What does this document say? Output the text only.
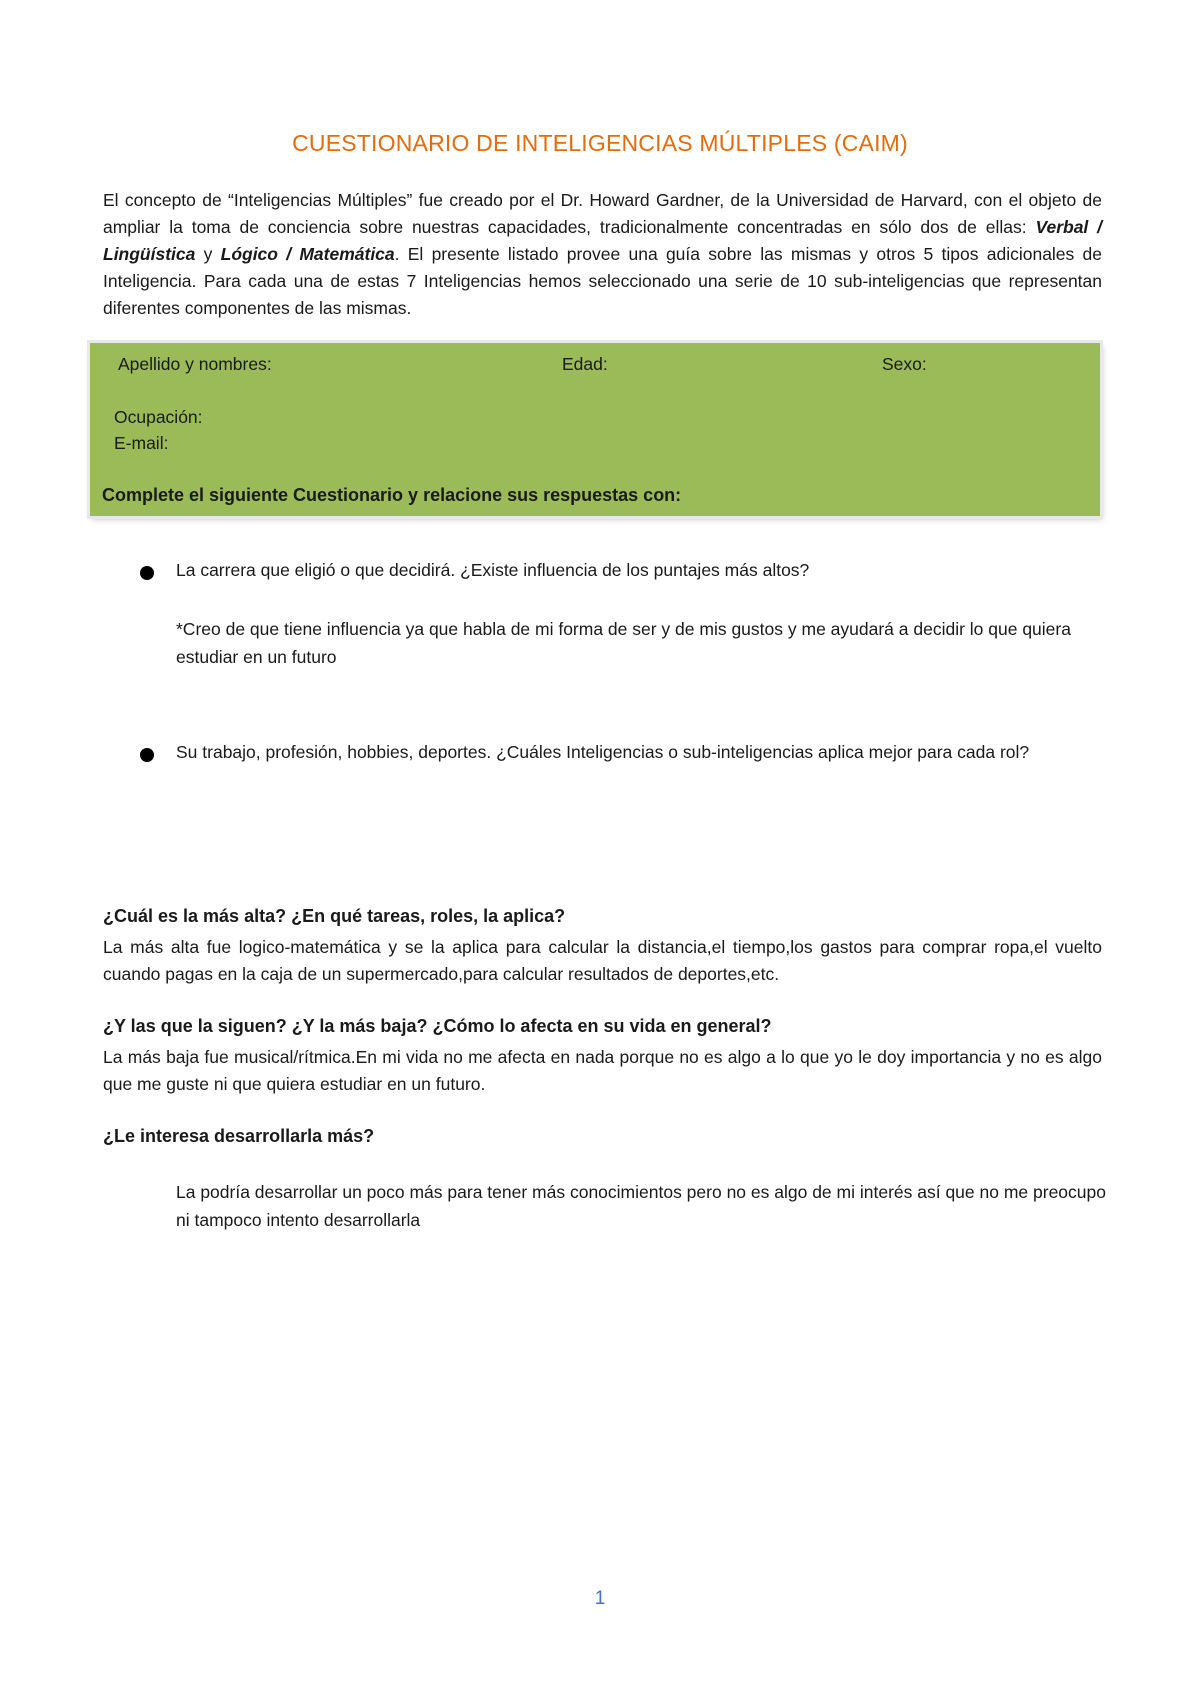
CUESTIONARIO DE INTELIGENCIAS MÚLTIPLES (CAIM)

El concepto de “Inteligencias Múltiples” fue creado por el Dr. Howard Gardner, de la Universidad de Harvard, con el objeto de ampliar la toma de conciencia sobre nuestras capacidades, tradicionalmente concentradas en sólo dos de ellas: Verbal / Lingüística y Lógico / Matemática. El presente listado provee una guía sobre las mismas y otros 5 tipos adicionales de Inteligencia. Para cada una de estas 7 Inteligencias hemos seleccionado una serie de 10 sub-inteligencias que representan diferentes componentes de las mismas.

Apellido y nombres:	Edad:	Sexo:
Ocupación:
E-mail:
Complete el siguiente Cuestionario y relacione sus respuestas con:
La carrera que eligió o que decidirá. ¿Existe influencia de los puntajes más altos?
*Creo de que tiene influencia ya que habla de mi forma de ser y de mis gustos y me ayudará a decidir lo que quiera estudiar en un futuro
Su trabajo, profesión, hobbies, deportes. ¿Cuáles Inteligencias o sub-inteligencias aplica mejor para cada rol?
¿Cuál es la más alta? ¿En qué tareas, roles, la aplica?
La más alta fue logico-matemática y se la aplica para calcular la distancia,el tiempo,los gastos para comprar ropa,el vuelto cuando pagas en la caja de un supermercado,para calcular resultados de deportes,etc.
¿Y las que la siguen? ¿Y la más baja? ¿Cómo lo afecta en su vida en general?
La más baja fue musical/rítmica.En mi vida no me afecta en nada porque no es algo a lo que yo le doy importancia y no es algo que me guste ni que quiera estudiar en un futuro.
¿Le interesa desarrollarla más?
La podría desarrollar un poco más para tener más conocimientos pero no es algo de mi interés así que no me preocupo ni tampoco intento desarrollarla
1
